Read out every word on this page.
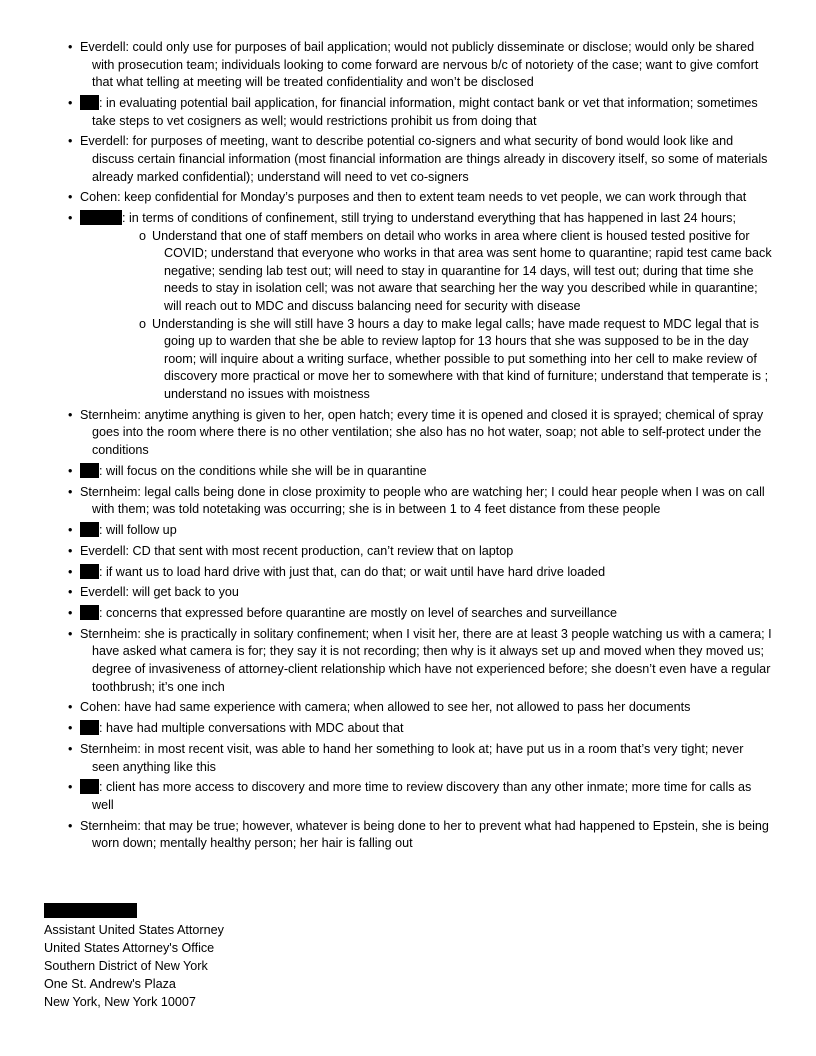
• Everdell: could only use for purposes of bail application; would not publicly disseminate or disclose; would only be shared with prosecution team; individuals looking to come forward are nervous b/c of notoriety of the case; want to give comfort that what telling at meeting will be treated confidentiality and won’t be disclosed
• : in evaluating potential bail application, for financial information, might contact bank or vet that information; sometimes take steps to vet cosigners as well; would restrictions prohibit us from doing that
• Everdell: for purposes of meeting, want to describe potential co-signers and what security of bond would look like and discuss certain financial information (most financial information are things already in discovery itself, so some of materials already marked confidential); understand will need to vet co-signers
• Cohen: keep confidential for Monday’s purposes and then to extent team needs to vet people, we can work through that
• : in terms of conditions of confinement, still trying to understand everything that has happened in last 24 hours;
o Understand that one of staff members on detail who works in area where client is housed tested positive for COVID; understand that everyone who works in that area was sent home to quarantine; rapid test came back negative; sending lab test out; will need to stay in quarantine for 14 days, will test out; during that time she needs to stay in isolation cell; was not aware that searching her the way you described while in quarantine; will reach out to MDC and discuss balancing need for security with disease
o Understanding is she will still have 3 hours a day to make legal calls; have made request to MDC legal that is going up to warden that she be able to review laptop for 13 hours that she was supposed to be in the day room; will inquire about a writing surface, whether possible to put something into her cell to make review of discovery more practical or move her to somewhere with that kind of furniture; understand that temperate is ; understand no issues with moistness
• Sternheim: anytime anything is given to her, open hatch; every time it is opened and closed it is sprayed; chemical of spray goes into the room where there is no other ventilation; she also has no hot water, soap; not able to self-protect under the conditions
• : will focus on the conditions while she will be in quarantine
• Sternheim: legal calls being done in close proximity to people who are watching her; I could hear people when I was on call with them; was told notetaking was occurring; she is in between 1 to 4 feet distance from these people
• : will follow up
• Everdell: CD that sent with most recent production, can’t review that on laptop
• : if want us to load hard drive with just that, can do that; or wait until have hard drive loaded
• Everdell: will get back to you
• : concerns that expressed before quarantine are mostly on level of searches and surveillance
• Sternheim: she is practically in solitary confinement; when I visit her, there are at least 3 people watching us with a camera; I have asked what camera is for; they say it is not recording; then why is it always set up and moved when they moved us; degree of invasiveness of attorney-client relationship which have not experienced before; she doesn’t even have a regular toothbrush; it’s one inch
• Cohen: have had same experience with camera; when allowed to see her, not allowed to pass her documents
• : have had multiple conversations with MDC about that
• Sternheim: in most recent visit, was able to hand her something to look at; have put us in a room that’s very tight; never seen anything like this
• : client has more access to discovery and more time to review discovery than any other inmate; more time for calls as well
• Sternheim: that may be true; however, whatever is being done to her to prevent what had happened to Epstein, she is being worn down; mentally healthy person; her hair is falling out
Assistant United States Attorney
United States Attorney's Office
Southern District of New York
One St. Andrew's Plaza
New York, New York 10007
